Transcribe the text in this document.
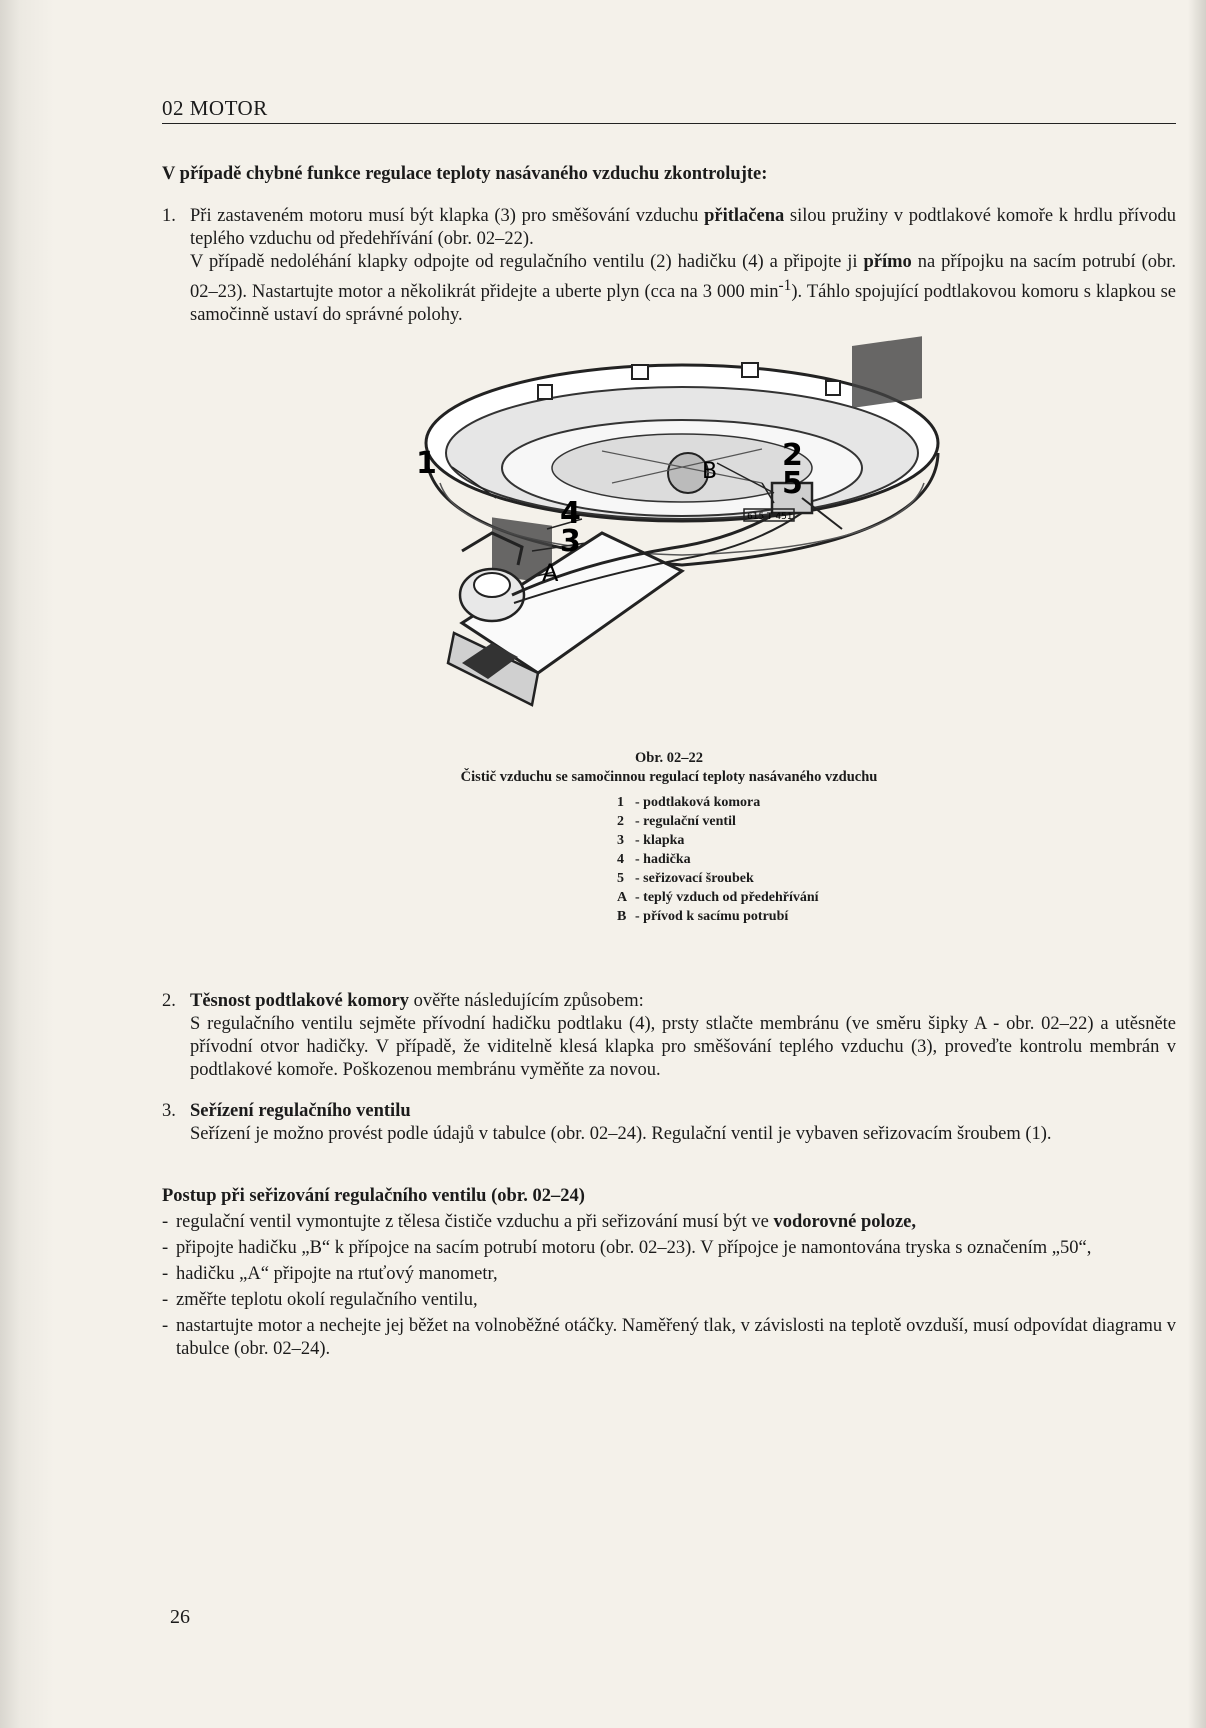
02 MOTOR
V případě chybné funkce regulace teploty nasávaného vzduchu zkontrolujte:
1. Při zastaveném motoru musí být klapka (3) pro směšování vzduchu přitlačena silou pružiny v podtlakové komoře k hrdlu přívodu teplého vzduchu od předehřívání (obr. 02–22).
V případě nedoléhání klapky odpojte od regulačního ventilu (2) hadičku (4) a připojte ji přímo na přípojku na sacím potrubí (obr. 02–23). Nastartujte motor a několikrát přidejte a uberte plyn (cca na 3 000 $\min^{-1}$). Táhlo spojující podtlakovou komoru s klapkou se samočinně ustaví do správné polohy.
1
4
3
A
B 2
5
615 T 451
Obr. 02–22
Čistič vzduchu se samočinnou regulací teploty nasávaného vzduchu
1 - podtlaková komora
2 - regulační ventil
3 - klapka
4 - hadička
5 - seřizovací šroubek
A - teplý vzduch od předehřívání
B - přívod k sacímu potrubí
2. Těsnost podtlakové komory ověřte následujícím způsobem:
S regulačního ventilu sejměte přívodní hadičku podtlaku (4), prsty stlačte membránu (ve směru šipky A - obr. 02–22) a utěsněte přívodní otvor hadičky. V případě, že viditelně klesá klapka pro směšování teplého vzduchu (3), proveďte kontrolu membrán v podtlakové komoře. Poškozenou membránu vyměňte za novou.
3. Seřízení regulačního ventilu
Seřízení je možno provést podle údajů v tabulce (obr. 02–24). Regulační ventil je vybaven seřizovacím šroubem (1).
Postup při seřizování regulačního ventilu (obr. 02–24)
- regulační ventil vymontujte z tělesa čističe vzduchu a při seřizování musí být ve vodorovné poloze,
- připojte hadičku „B“ k přípojce na sacím potrubí motoru (obr. 02–23). V přípojce je namontována tryska s označením „50“,
- hadičku „A“ připojte na rtuťový manometr,
- změřte teplotu okolí regulačního ventilu,
- nastartujte motor a nechejte jej běžet na volnoběžné otáčky. Naměřený tlak, v závislosti na teplotě ovzduší, musí odpovídat diagramu v tabulce (obr. 02–24).
26
